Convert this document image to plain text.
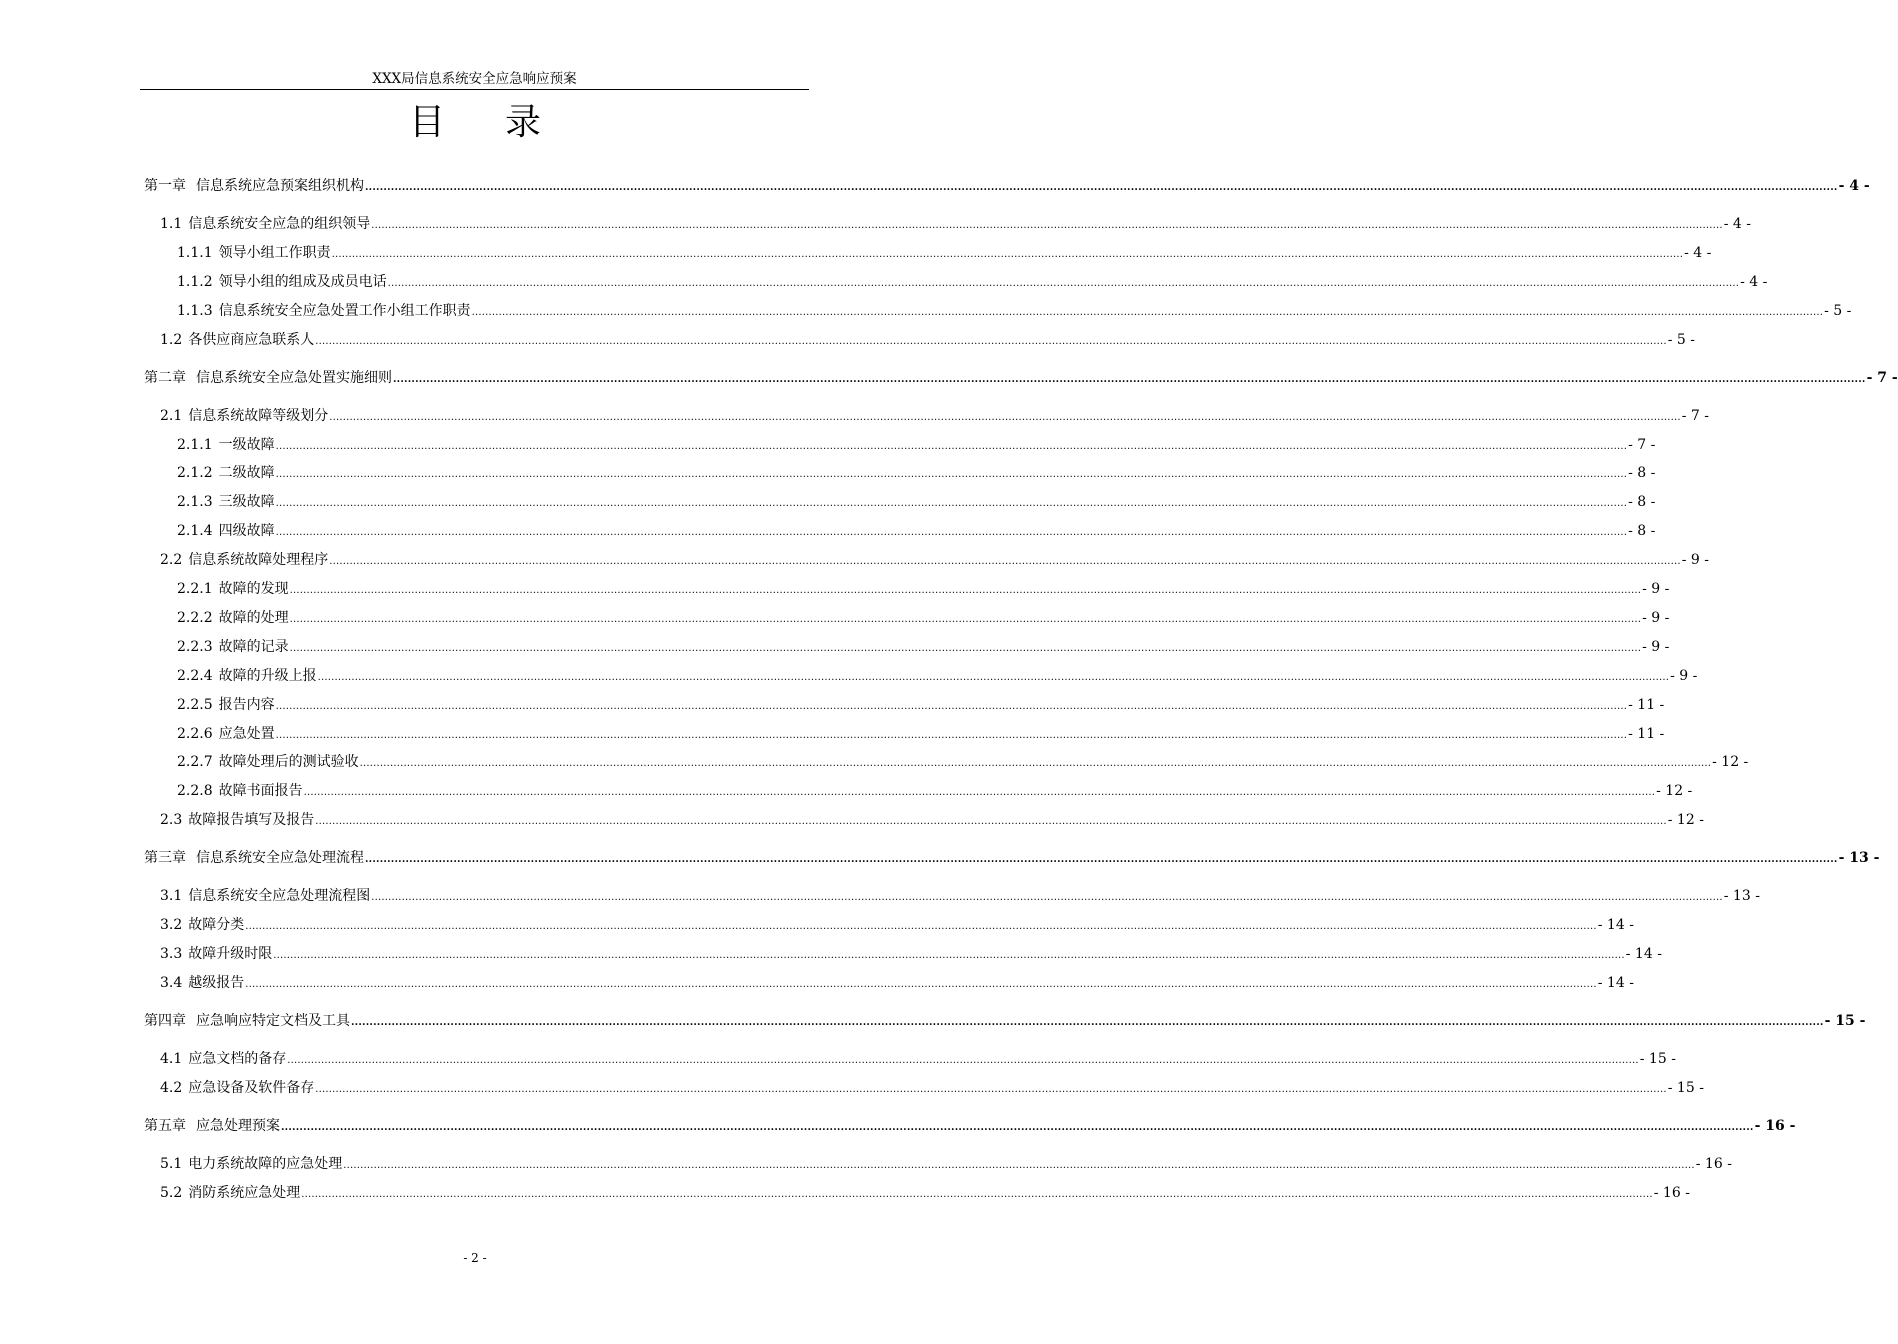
XXX局信息系统安全应急响应预案
目 录
第一章 信息系统应急预案组织机构 ................................................................................................................................................................................................................................................................................................................................................................................................................ - 4 -
1.1 信息系统安全应急的组织领导 ................................................................................................................................................................................................................................................................................................................................................................................................................ - 4 -
1.1.1 领导小组工作职责 ................................................................................................................................................................................................................................................................................................................................................................................................................ - 4 -
1.1.2 领导小组的组成及成员电话 ................................................................................................................................................................................................................................................................................................................................................................................................................ - 4 -
1.1.3 信息系统安全应急处置工作小组工作职责 ................................................................................................................................................................................................................................................................................................................................................................................................................ - 5 -
1.2 各供应商应急联系人 ................................................................................................................................................................................................................................................................................................................................................................................................................ - 5 -
第二章 信息系统安全应急处置实施细则 ................................................................................................................................................................................................................................................................................................................................................................................................................ - 7 -
2.1 信息系统故障等级划分 ................................................................................................................................................................................................................................................................................................................................................................................................................ - 7 -
2.1.1 一级故障 ................................................................................................................................................................................................................................................................................................................................................................................................................ - 7 -
2.1.2 二级故障 ................................................................................................................................................................................................................................................................................................................................................................................................................ - 8 -
2.1.3 三级故障 ................................................................................................................................................................................................................................................................................................................................................................................................................ - 8 -
2.1.4 四级故障 ................................................................................................................................................................................................................................................................................................................................................................................................................ - 8 -
2.2 信息系统故障处理程序 ................................................................................................................................................................................................................................................................................................................................................................................................................ - 9 -
2.2.1 故障的发现 ................................................................................................................................................................................................................................................................................................................................................................................................................ - 9 -
2.2.2 故障的处理 ................................................................................................................................................................................................................................................................................................................................................................................................................ - 9 -
2.2.3 故障的记录 ................................................................................................................................................................................................................................................................................................................................................................................................................ - 9 -
2.2.4 故障的升级上报 ................................................................................................................................................................................................................................................................................................................................................................................................................ - 9 -
2.2.5 报告内容 ................................................................................................................................................................................................................................................................................................................................................................................................................ - 11 -
2.2.6 应急处置 ................................................................................................................................................................................................................................................................................................................................................................................................................ - 11 -
2.2.7 故障处理后的测试验收 ................................................................................................................................................................................................................................................................................................................................................................................................................ - 12 -
2.2.8 故障书面报告 ................................................................................................................................................................................................................................................................................................................................................................................................................ - 12 -
2.3 故障报告填写及报告 ................................................................................................................................................................................................................................................................................................................................................................................................................ - 12 -
第三章 信息系统安全应急处理流程 ................................................................................................................................................................................................................................................................................................................................................................................................................ - 13 -
3.1 信息系统安全应急处理流程图 ................................................................................................................................................................................................................................................................................................................................................................................................................ - 13 -
3.2 故障分类 ................................................................................................................................................................................................................................................................................................................................................................................................................ - 14 -
3.3 故障升级时限 ................................................................................................................................................................................................................................................................................................................................................................................................................ - 14 -
3.4 越级报告 ................................................................................................................................................................................................................................................................................................................................................................................................................ - 14 -
第四章 应急响应特定文档及工具 ................................................................................................................................................................................................................................................................................................................................................................................................................ - 15 -
4.1 应急文档的备存 ................................................................................................................................................................................................................................................................................................................................................................................................................ - 15 -
4.2 应急设备及软件备存 ................................................................................................................................................................................................................................................................................................................................................................................................................ - 15 -
第五章 应急处理预案 ................................................................................................................................................................................................................................................................................................................................................................................................................ - 16 -
5.1 电力系统故障的应急处理 ................................................................................................................................................................................................................................................................................................................................................................................................................ - 16 -
5.2 消防系统应急处理 ................................................................................................................................................................................................................................................................................................................................................................................................................ - 16 -
- 2 -
